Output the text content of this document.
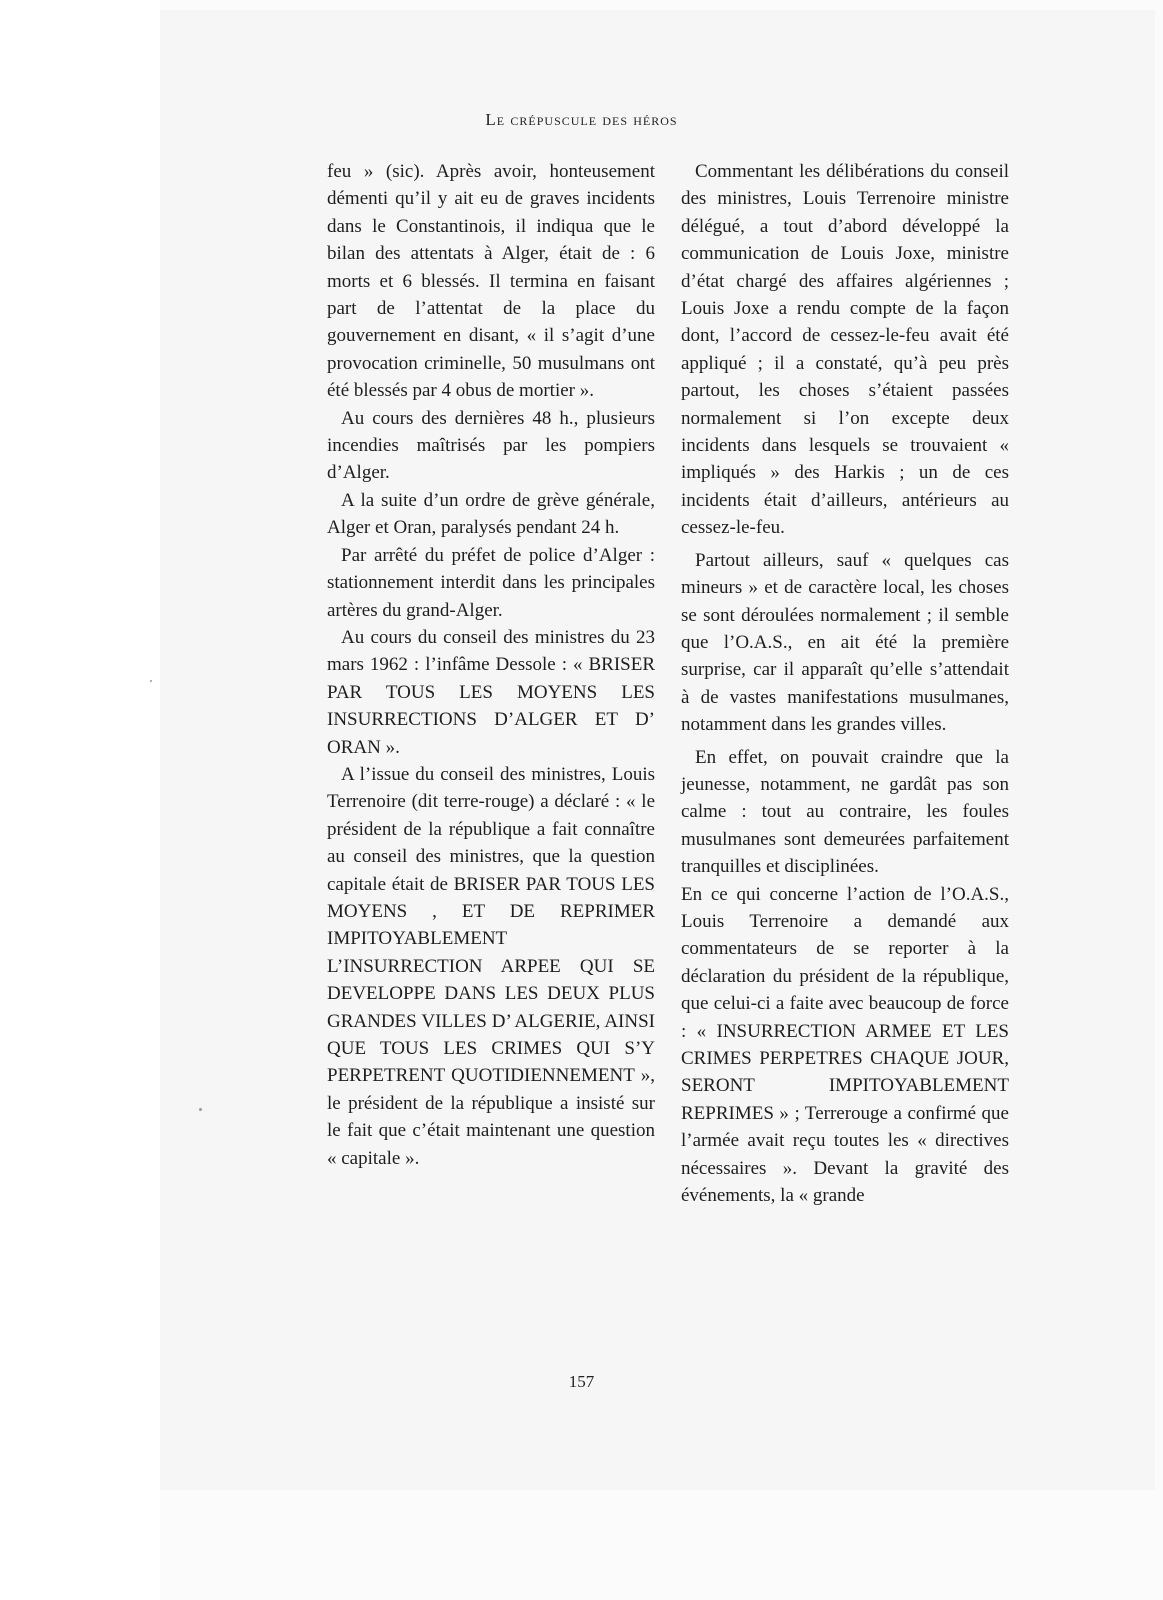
Le crépuscule des héros

feu » (sic). Après avoir, honteusement démenti qu’il y ait eu de graves incidents dans le Constantinois, il indiqua que le bilan des attentats à Alger, était de : 6 morts et 6 blessés. Il termina en faisant part de l’attentat de la place du gouvernement en disant, « il s’agit d’une provocation criminelle, 50 musulmans ont été blessés par 4 obus de mortier ».

Au cours des dernières 48 h., plusieurs incendies maîtrisés par les pompiers d’Alger.

A la suite d’un ordre de grève générale, Alger et Oran, paralysés pendant 24 h.

Par arrêté du préfet de police d’Alger : stationnement interdit dans les principales artères du grand-Alger.

Au cours du conseil des ministres du 23 mars 1962 : l’infâme Dessole : « BRISER PAR TOUS LES MOYENS LES INSURRECTIONS D’ALGER ET D’ ORAN ».

A l’issue du conseil des ministres, Louis Terrenoire (dit terre-rouge) a déclaré : « le président de la république a fait connaître au conseil des ministres, que la question capitale était de BRISER PAR TOUS LES MOYENS , ET DE REPRIMER IMPITOYABLEMENT L’INSURRECTION ARPEE QUI SE DEVELOPPE DANS LES DEUX PLUS GRANDES VILLES D’ ALGERIE, AINSI QUE TOUS LES CRIMES QUI S’Y PERPETRENT QUOTIDIENNEMENT », le président de la république a insisté sur le fait que c’était maintenant une question « capitale ».

Commentant les délibérations du conseil des ministres, Louis Terrenoire ministre délégué, a tout d’abord développé la communication de Louis Joxe, ministre d’état chargé des affaires algériennes ; Louis Joxe a rendu compte de la façon dont, l’accord de cessez-le-feu avait été appliqué ; il a constaté, qu’à peu près partout, les choses s’étaient passées normalement si l’on excepte deux incidents dans lesquels se trouvaient « impliqués » des Harkis ; un de ces incidents était d’ailleurs, antérieurs au cessez-le-feu.

Partout ailleurs, sauf « quelques cas mineurs » et de caractère local, les choses se sont déroulées normalement ; il semble que l’O.A.S., en ait été la première surprise, car il apparaît qu’elle s’attendait à de vastes manifestations musulmanes, notamment dans les grandes villes.

En effet, on pouvait craindre que la jeunesse, notamment, ne gardât pas son calme : tout au contraire, les foules musulmanes sont demeurées parfaitement tranquilles et disciplinées.

En ce qui concerne l’action de l’O.A.S., Louis Terrenoire a demandé aux commentateurs de se reporter à la déclaration du président de la république, que celui-ci a faite avec beaucoup de force : « INSURRECTION ARMEE ET LES CRIMES PERPETRES CHAQUE JOUR, SERONT IMPITOYABLEMENT REPRIMES » ; Terrerouge a confirmé que l’armée avait reçu toutes les « directives nécessaires ». Devant la gravité des événements, la « grande

157
